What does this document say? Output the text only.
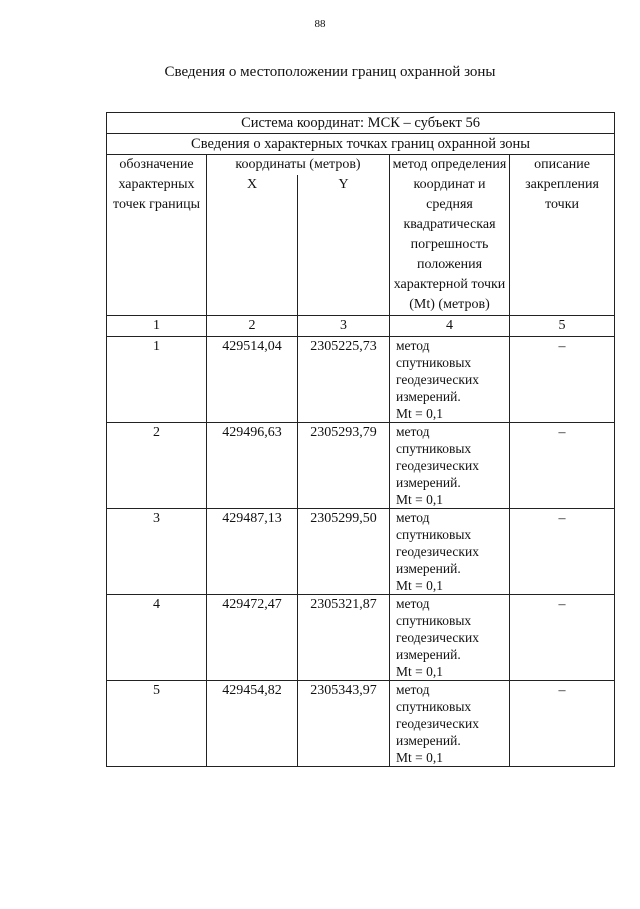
88
Сведения о местоположении границ охранной зоны
Система координат: МСК – субъект 56				
Сведения о характерных точках границ охранной зоны				
обозначение характерных точек границы	координаты (метров)		метод определения координат и средняя квадратическая погрешность положения характерной точки (Mt) (метров)	описание закрепления точки
	X	Y		
1	2	3	4	5
1	429514,04	2305225,73	метод
спутниковых
геодезических
измерений.
Mt = 0,1	–
2	429496,63	2305293,79	метод
спутниковых
геодезических
измерений.
Mt = 0,1	–
3	429487,13	2305299,50	метод
спутниковых
геодезических
измерений.
Mt = 0,1	–
4	429472,47	2305321,87	метод
спутниковых
геодезических
измерений.
Mt = 0,1	–
5	429454,82	2305343,97	метод
спутниковых
геодезических
измерений.
Mt = 0,1	–
